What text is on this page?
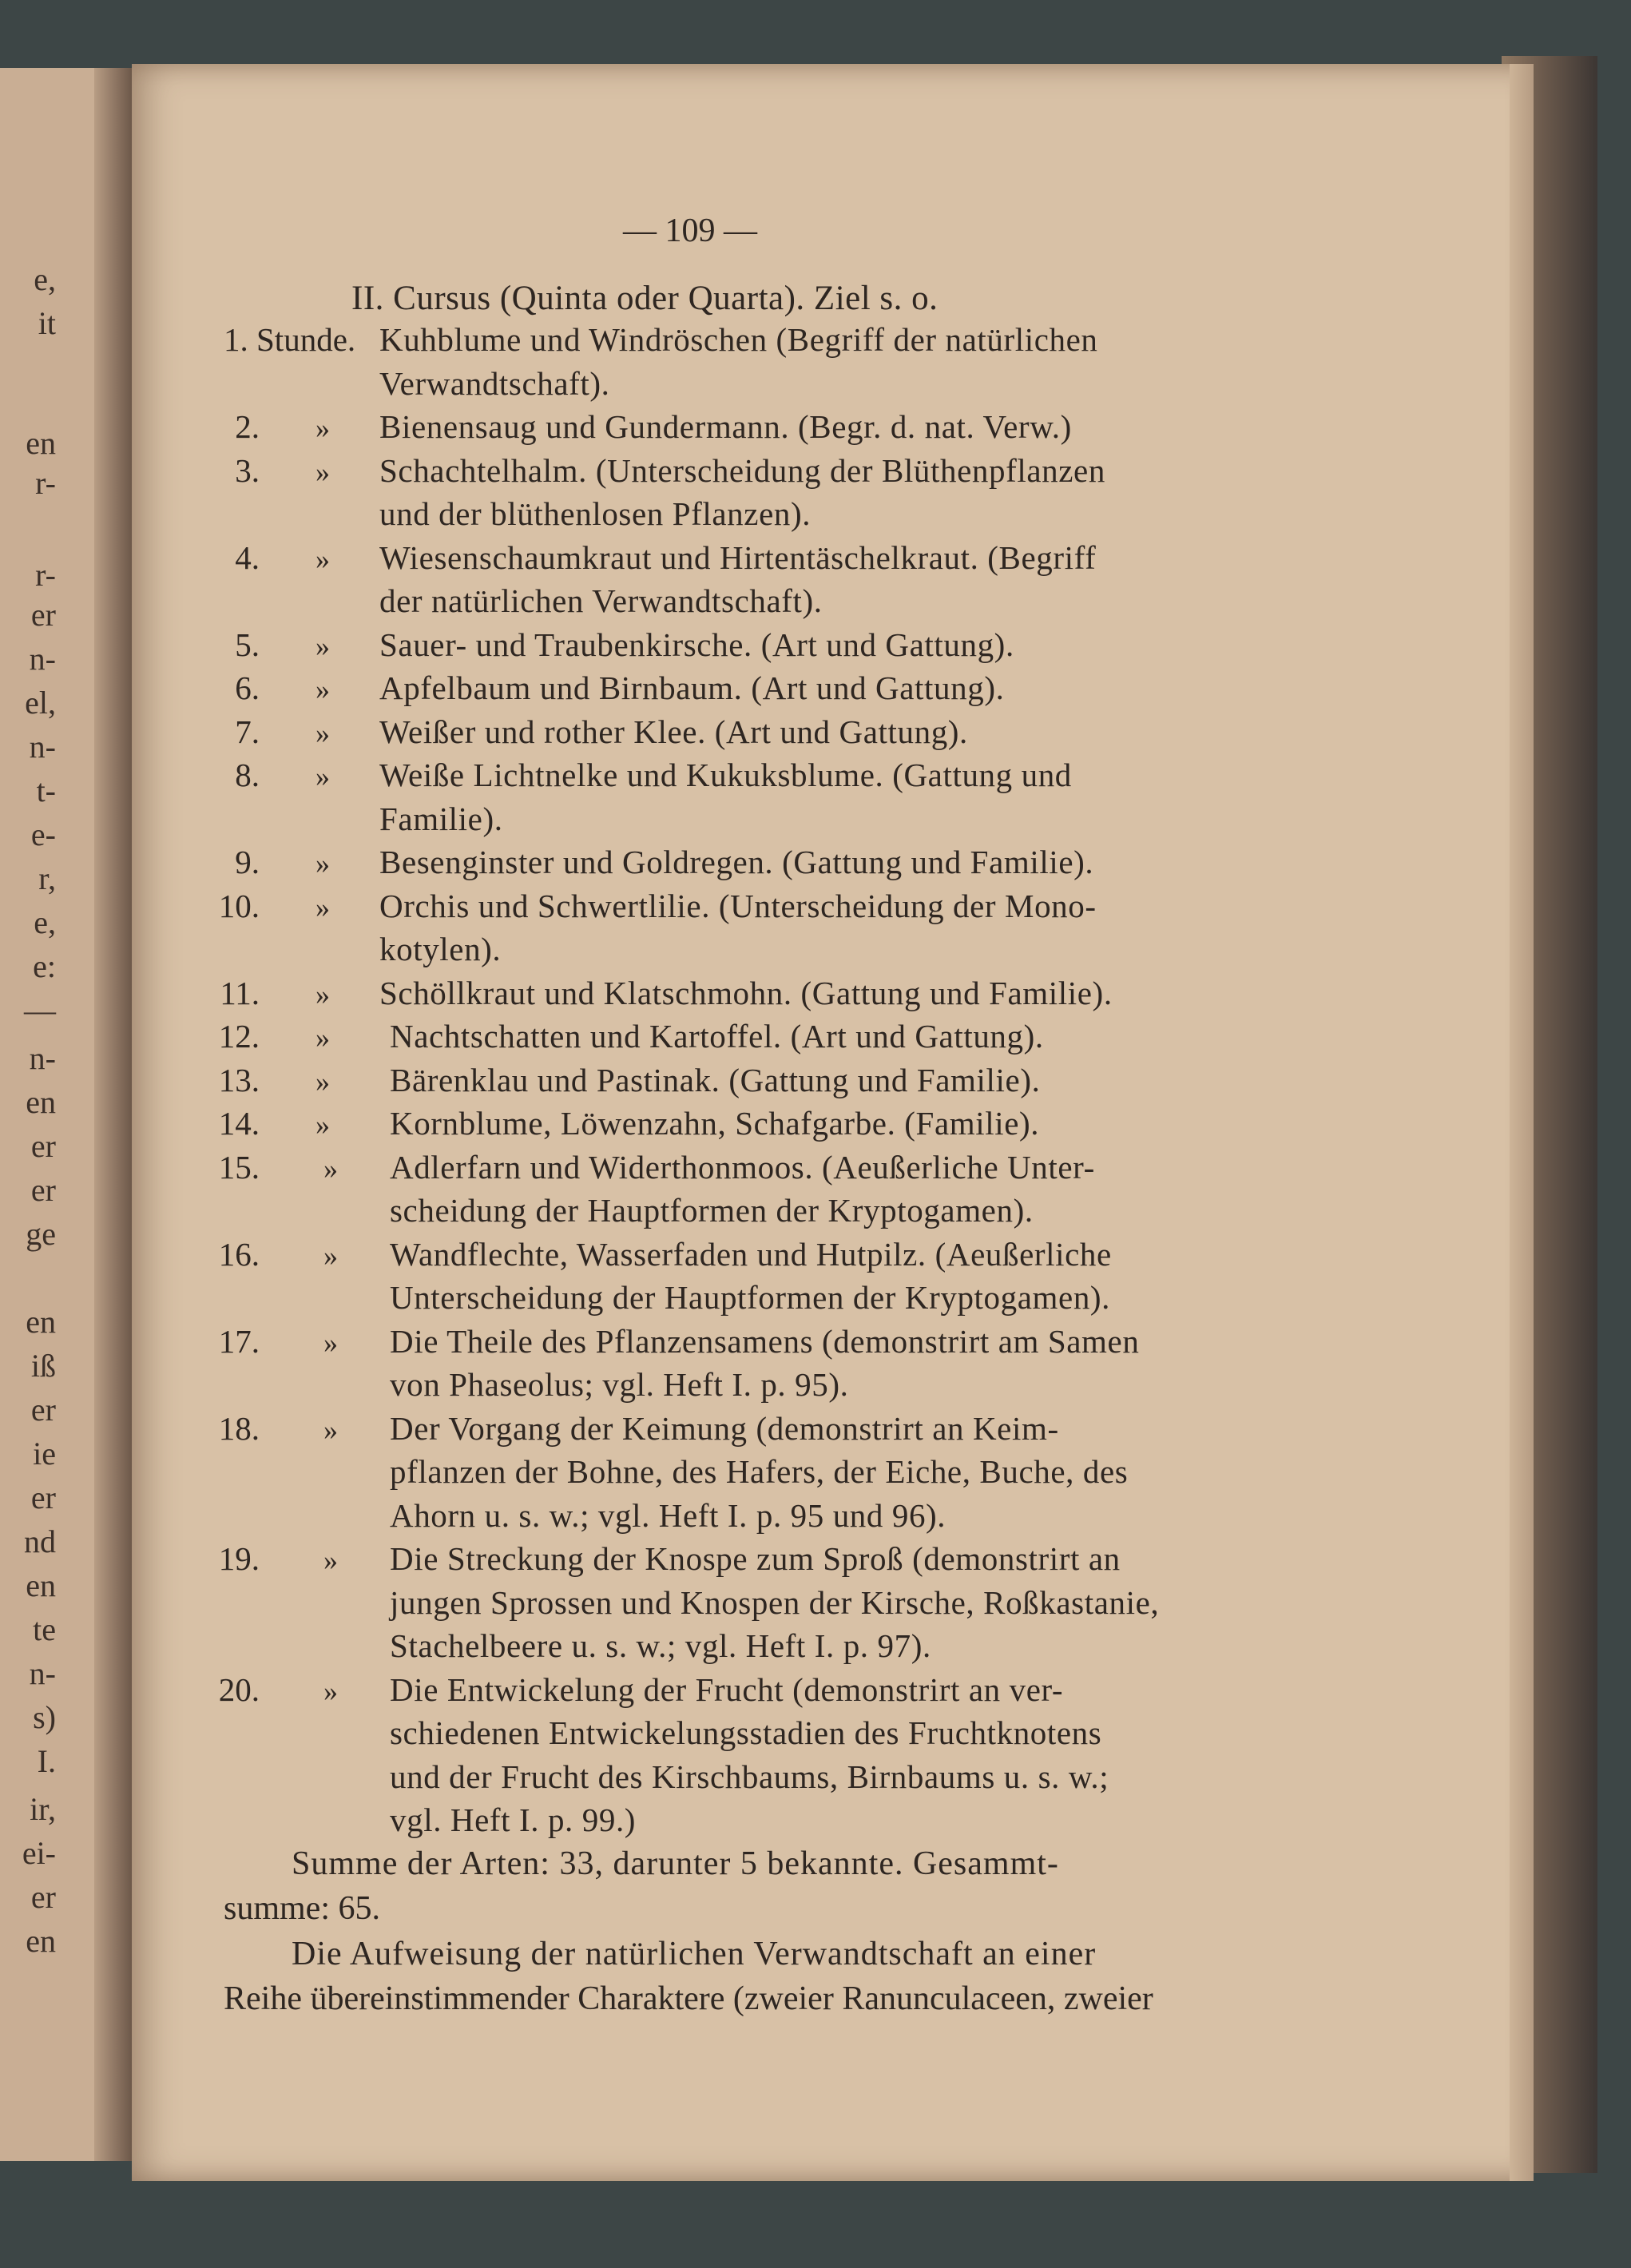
e,
it
en
r-
r-
er
n-
el,
n-
t-
e-
r,
e,
e:
—
n-
en
er
er
ge
en
iß
er
ie
er
nd
en
te
n-
s)
I.
ir,
ei-
er
en
— 109 —
II. Cursus (Quinta oder Quarta). Ziel s. o.
1. Stunde. Kuhblume und Windröschen (Begriff der natürlichen
Verwandtschaft).
2. » Bienensaug und Gundermann. (Begr. d. nat. Verw.)
3. » Schachtelhalm. (Unterscheidung der Blüthenpflanzen
und der blüthenlosen Pflanzen).
4. » Wiesenschaumkraut und Hirtentäschelkraut. (Begriff
der natürlichen Verwandtschaft).
5. » Sauer- und Traubenkirsche. (Art und Gattung).
6. » Apfelbaum und Birnbaum. (Art und Gattung).
7. » Weißer und rother Klee. (Art und Gattung).
8. » Weiße Lichtnelke und Kukuksblume. (Gattung und
Familie).
9. » Besenginster und Goldregen. (Gattung und Familie).
10. » Orchis und Schwertlilie. (Unterscheidung der Mono-
kotylen).
11. » Schöllkraut und Klatschmohn. (Gattung und Familie).
12. » Nachtschatten und Kartoffel. (Art und Gattung).
13. » Bärenklau und Pastinak. (Gattung und Familie).
14. » Kornblume, Löwenzahn, Schafgarbe. (Familie).
15. » Adlerfarn und Widerthonmoos. (Aeußerliche Unter-
scheidung der Hauptformen der Kryptogamen).
16. » Wandflechte, Wasserfaden und Hutpilz. (Aeußerliche
Unterscheidung der Hauptformen der Kryptogamen).
17. » Die Theile des Pflanzensamens (demonstrirt am Samen
von Phaseolus; vgl. Heft I. p. 95).
18. » Der Vorgang der Keimung (demonstrirt an Keim-
pflanzen der Bohne, des Hafers, der Eiche, Buche, des
Ahorn u. s. w.; vgl. Heft I. p. 95 und 96).
19. » Die Streckung der Knospe zum Sproß (demonstrirt an
jungen Sprossen und Knospen der Kirsche, Roßkastanie,
Stachelbeere u. s. w.; vgl. Heft I. p. 97).
20. » Die Entwickelung der Frucht (demonstrirt an ver-
schiedenen Entwickelungsstadien des Fruchtknotens
und der Frucht des Kirschbaums, Birnbaums u. s. w.;
vgl. Heft I. p. 99.)
Summe der Arten: 33, darunter 5 bekannte. Gesammt-
summe: 65.
Die Aufweisung der natürlichen Verwandtschaft an einer
Reihe übereinstimmender Charaktere (zweier Ranunculaceen, zweier
